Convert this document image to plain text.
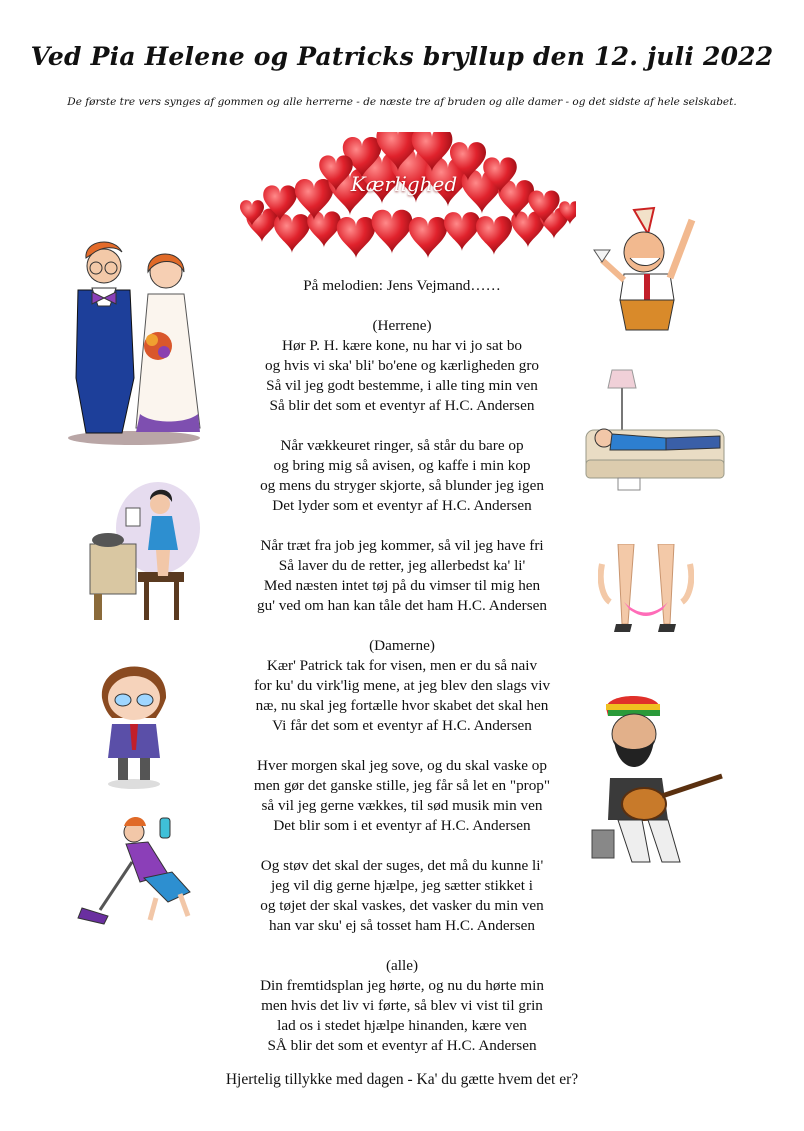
Ved Pia Helene og Patricks bryllup den 12. juli 2022
De første tre vers synges af gommen og alle herrerne - de næste tre af bruden og alle damer - og det sidste af hele selskabet.
Kærlighed
På melodien: Jens Vejmand……
(Herrene)
Hør P. H. kære kone, nu har vi jo sat bo
og hvis vi ska' bli' bo'ene og kærligheden gro
Så vil jeg godt bestemme, i alle ting min ven
Så blir det som et eventyr af H.C. Andersen
Når vækkeuret ringer, så står du bare op
og bring mig så avisen, og kaffe i min kop
og mens du stryger skjorte, så blunder jeg igen
Det lyder som et eventyr af H.C. Andersen
Når træt fra job jeg kommer, så vil jeg have fri
Så laver du de retter, jeg allerbedst ka' li'
Med næsten intet tøj på du vimser til mig hen
gu' ved om han kan tåle det ham H.C. Andersen
(Damerne)
Kær' Patrick tak for visen, men er du så naiv
for ku' du virk'lig mene, at jeg blev den slags viv
næ, nu skal jeg fortælle hvor skabet det skal hen
Vi får det som et eventyr af H.C. Andersen
Hver morgen skal jeg sove, og du skal vaske op
men gør det ganske stille, jeg får så let en "prop"
så vil jeg gerne vækkes, til sød musik min ven
Det blir som i et eventyr af H.C. Andersen
Og støv det skal der suges, det må du kunne li'
jeg vil dig gerne hjælpe, jeg sætter stikket i
og tøjet der skal vaskes, det vasker du min ven
han var sku' ej så tosset ham H.C. Andersen
(alle)
Din fremtidsplan jeg hørte, og nu du hørte min
men hvis det liv vi førte, så blev vi vist til grin
lad os i stedet hjælpe hinanden, kære ven
SÅ blir det som et eventyr af H.C. Andersen
Hjertelig tillykke med dagen - Ka' du gætte hvem det er?
